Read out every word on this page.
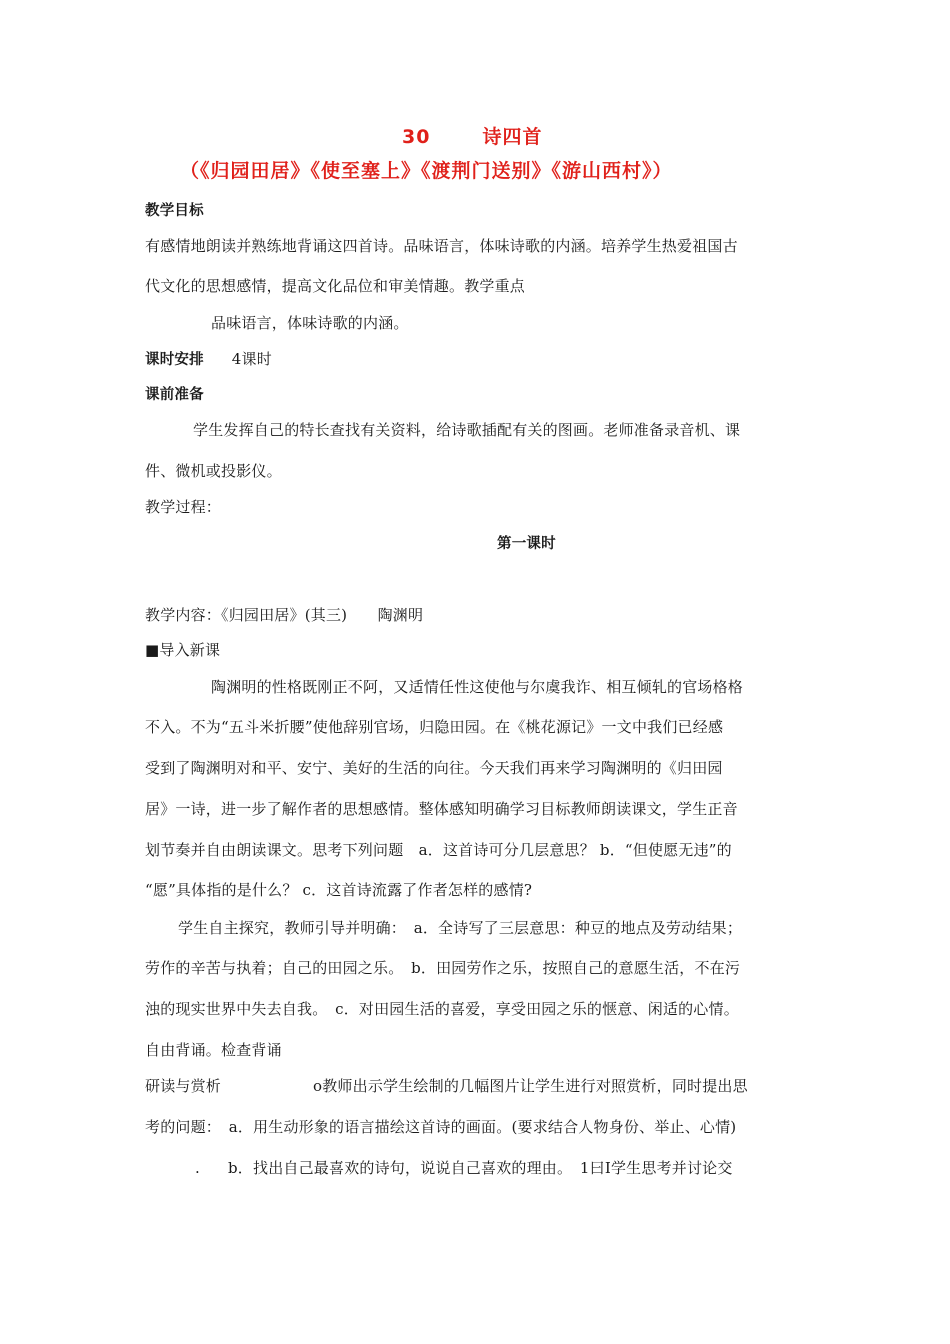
30	诗四首
（《归园田居》《使至塞上》《渡荆门送别》《游山西村》）
教学目标
有感情地朗读并熟练地背诵这四首诗。品味语言，体味诗歌的内涵。培养学生热爱祖国古
代文化的思想感情，提高文化品位和审美情趣。教学重点
品味语言，体味诗歌的内涵。
课时安排 4课时
课前准备
学生发挥自己的特长查找有关资料，给诗歌插配有关的图画。老师准备录音机、课
件、微机或投影仪。
教学过程：
第一课时
教学内容：《归园田居》(其三)　　陶渊明
■导入新课
陶渊明的性格既刚正不阿，又适情任性这使他与尔虞我诈、相互倾轧的官场格格
不入。不为“五斗米折腰”使他辞别官场，归隐田园。在《桃花源记》一文中我们已经感
受到了陶渊明对和平、安宁、美好的生活的向往。今天我们再来学习陶渊明的《归田园
居》一诗，进一步了解作者的思想感情。整体感知明确学习目标教师朗读课文，学生正音
划节奏并自由朗读课文。思考下列问题　a．这首诗可分几层意思？ b．“但使愿无违”的
“愿”具体指的是什么？ c．这首诗流露了作者怎样的感情?
学生自主探究，教师引导并明确：　a．全诗写了三层意思：种豆的地点及劳动结果；
劳作的辛苦与执着；自己的田园之乐。　b．田园劳作之乐，按照自己的意愿生活，不在污
浊的现实世界中失去自我。　c．对田园生活的喜爱，享受田园之乐的惬意、闲适的心情。
自由背诵。检查背诵
研读与赏析	o教师出示学生绘制的几幅图片让学生进行对照赏析，同时提出思
考的问题：　a．用生动形象的语言描绘这首诗的画面。(要求结合人物身份、举止、心情)
. b．找出自己最喜欢的诗句，说说自己喜欢的理由。　1曰I学生思考并讨论交
